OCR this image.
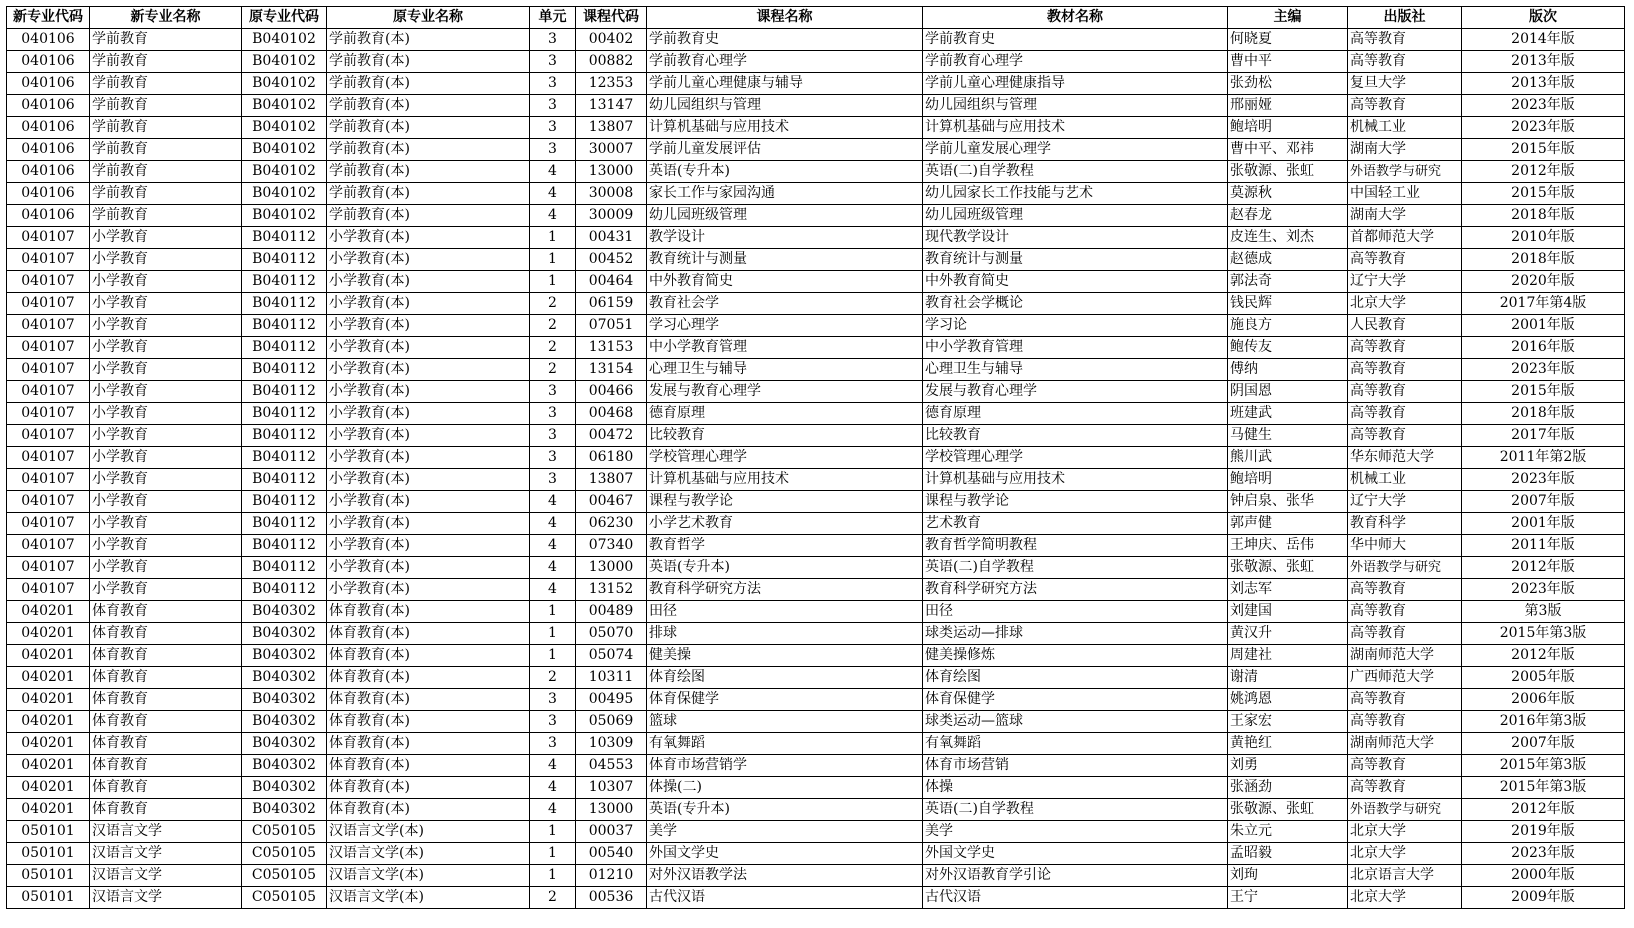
新专业代码	新专业名称	原专业代码	原专业名称	单元	课程代码	课程名称	教材名称	主编	出版社	版次
040106	学前教育	B040102	学前教育(本)	3	00402	学前教育史	学前教育史	何晓夏	高等教育	2014年版
040106	学前教育	B040102	学前教育(本)	3	00882	学前教育心理学	学前教育心理学	曹中平	高等教育	2013年版
040106	学前教育	B040102	学前教育(本)	3	12353	学前儿童心理健康与辅导	学前儿童心理健康指导	张劲松	复旦大学	2013年版
040106	学前教育	B040102	学前教育(本)	3	13147	幼儿园组织与管理	幼儿园组织与管理	邢丽娅	高等教育	2023年版
040106	学前教育	B040102	学前教育(本)	3	13807	计算机基础与应用技术	计算机基础与应用技术	鲍培明	机械工业	2023年版
040106	学前教育	B040102	学前教育(本)	3	30007	学前儿童发展评估	学前儿童发展心理学	曹中平、邓祎	湖南大学	2015年版
040106	学前教育	B040102	学前教育(本)	4	13000	英语(专升本)	英语(二)自学教程	张敬源、张虹	外语教学与研究	2012年版
040106	学前教育	B040102	学前教育(本)	4	30008	家长工作与家园沟通	幼儿园家长工作技能与艺术	莫源秋	中国轻工业	2015年版
040106	学前教育	B040102	学前教育(本)	4	30009	幼儿园班级管理	幼儿园班级管理	赵春龙	湖南大学	2018年版
040107	小学教育	B040112	小学教育(本)	1	00431	教学设计	现代教学设计	皮连生、刘杰	首都师范大学	2010年版
040107	小学教育	B040112	小学教育(本)	1	00452	教育统计与测量	教育统计与测量	赵德成	高等教育	2018年版
040107	小学教育	B040112	小学教育(本)	1	00464	中外教育简史	中外教育简史	郭法奇	辽宁大学	2020年版
040107	小学教育	B040112	小学教育(本)	2	06159	教育社会学	教育社会学概论	钱民辉	北京大学	2017年第4版
040107	小学教育	B040112	小学教育(本)	2	07051	学习心理学	学习论	施良方	人民教育	2001年版
040107	小学教育	B040112	小学教育(本)	2	13153	中小学教育管理	中小学教育管理	鲍传友	高等教育	2016年版
040107	小学教育	B040112	小学教育(本)	2	13154	心理卫生与辅导	心理卫生与辅导	傅纳	高等教育	2023年版
040107	小学教育	B040112	小学教育(本)	3	00466	发展与教育心理学	发展与教育心理学	阴国恩	高等教育	2015年版
040107	小学教育	B040112	小学教育(本)	3	00468	德育原理	德育原理	班建武	高等教育	2018年版
040107	小学教育	B040112	小学教育(本)	3	00472	比较教育	比较教育	马健生	高等教育	2017年版
040107	小学教育	B040112	小学教育(本)	3	06180	学校管理心理学	学校管理心理学	熊川武	华东师范大学	2011年第2版
040107	小学教育	B040112	小学教育(本)	3	13807	计算机基础与应用技术	计算机基础与应用技术	鲍培明	机械工业	2023年版
040107	小学教育	B040112	小学教育(本)	4	00467	课程与教学论	课程与教学论	钟启泉、张华	辽宁大学	2007年版
040107	小学教育	B040112	小学教育(本)	4	06230	小学艺术教育	艺术教育	郭声健	教育科学	2001年版
040107	小学教育	B040112	小学教育(本)	4	07340	教育哲学	教育哲学简明教程	王坤庆、岳伟	华中师大	2011年版
040107	小学教育	B040112	小学教育(本)	4	13000	英语(专升本)	英语(二)自学教程	张敬源、张虹	外语教学与研究	2012年版
040107	小学教育	B040112	小学教育(本)	4	13152	教育科学研究方法	教育科学研究方法	刘志军	高等教育	2023年版
040201	体育教育	B040302	体育教育(本)	1	00489	田径	田径	刘建国	高等教育	第3版
040201	体育教育	B040302	体育教育(本)	1	05070	排球	球类运动—排球	黄汉升	高等教育	2015年第3版
040201	体育教育	B040302	体育教育(本)	1	05074	健美操	健美操修炼	周建社	湖南师范大学	2012年版
040201	体育教育	B040302	体育教育(本)	2	10311	体育绘图	体育绘图	谢清	广西师范大学	2005年版
040201	体育教育	B040302	体育教育(本)	3	00495	体育保健学	体育保健学	姚鸿恩	高等教育	2006年版
040201	体育教育	B040302	体育教育(本)	3	05069	篮球	球类运动—篮球	王家宏	高等教育	2016年第3版
040201	体育教育	B040302	体育教育(本)	3	10309	有氧舞蹈	有氧舞蹈	黄艳红	湖南师范大学	2007年版
040201	体育教育	B040302	体育教育(本)	4	04553	体育市场营销学	体育市场营销	刘勇	高等教育	2015年第3版
040201	体育教育	B040302	体育教育(本)	4	10307	体操(二)	体操	张涵劲	高等教育	2015年第3版
040201	体育教育	B040302	体育教育(本)	4	13000	英语(专升本)	英语(二)自学教程	张敬源、张虹	外语教学与研究	2012年版
050101	汉语言文学	C050105	汉语言文学(本)	1	00037	美学	美学	朱立元	北京大学	2019年版
050101	汉语言文学	C050105	汉语言文学(本)	1	00540	外国文学史	外国文学史	孟昭毅	北京大学	2023年版
050101	汉语言文学	C050105	汉语言文学(本)	1	01210	对外汉语教学法	对外汉语教育学引论	刘珣	北京语言大学	2000年版
050101	汉语言文学	C050105	汉语言文学(本)	2	00536	古代汉语	古代汉语	王宁	北京大学	2009年版
